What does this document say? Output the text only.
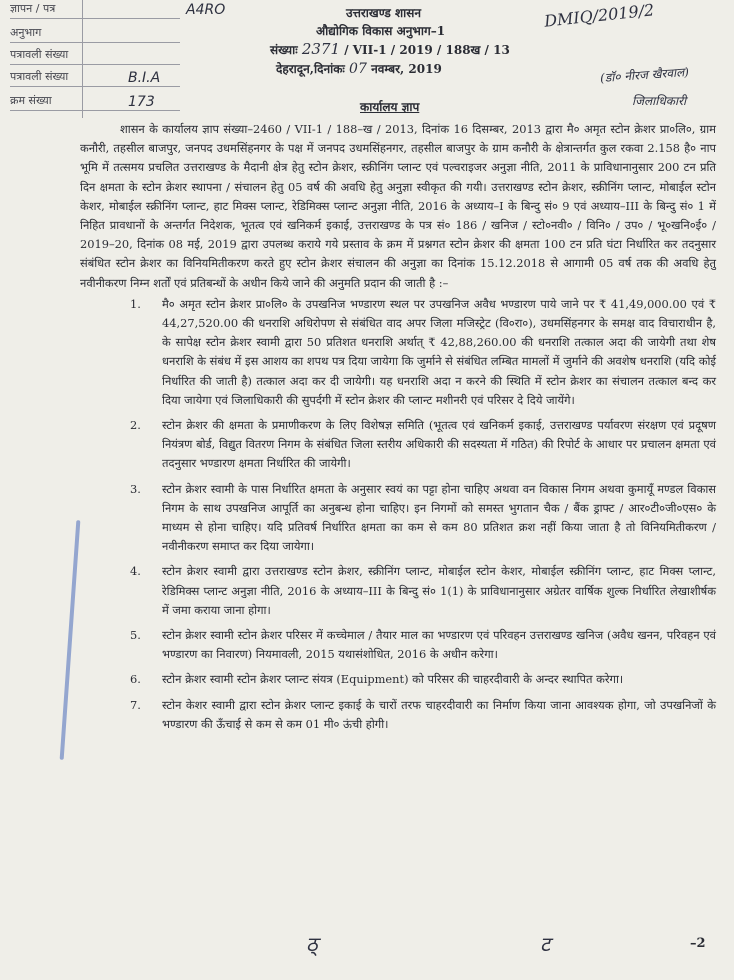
ज्ञापन / पत्र	A4RO
अनुभाग
पत्रावली संख्या
पत्रावली संख्या	B.I.A
क्रम संख्या	173
उत्तराखण्ड शासन
औद्योगिक विकास अनुभाग–1
संख्याः 2371 / VII-1 / 2019 / 188ख / 13
देहरादून,दिनांकः 07 नवम्बर, 2019
कार्यालय ज्ञाप
DMIQ/2019/2
(डॉ० नीरज खैरवाल)
जिलाधिकारी

शासन के कार्यालय ज्ञाप संख्या–2460 / VII-1 / 188–ख / 2013, दिनांक 16 दिसम्बर, 2013 द्वारा मै० अमृत स्टोन क्रेशर प्रा०लि०, ग्राम कनौरी, तहसील बाजपुर, जनपद उधमसिंहनगर के पक्ष में जनपद उधमसिंहनगर, तहसील बाजपुर के ग्राम कनौरी के क्षेत्रान्तर्गत कुल रकवा 2.158 है० नाप भूमि में तत्समय प्रचलित उत्तराखण्ड के मैदानी क्षेत्र हेतु स्टोन क्रेशर, स्क्रीनिंग प्लान्ट एवं पल्वराइजर अनुज्ञा नीति, 2011 के प्राविधानानुसार 200 टन प्रति दिन क्षमता के स्टोन क्रेशर स्थापना / संचालन हेतु 05 वर्ष की अवधि हेतु अनुज्ञा स्वीकृत की गयी। उत्तराखण्ड स्टोन क्रेशर, स्क्रीनिंग प्लान्ट, मोबाईल स्टोन केशर, मोबाईल स्क्रीनिंग प्लान्ट, हाट मिक्स प्लान्ट, रेडिमिक्स प्लान्ट अनुज्ञा नीति, 2016 के अध्याय–I के बिन्दु सं० 9 एवं अध्याय–III के बिन्दु सं० 1 में निहित प्रावधानों के अन्तर्गत निदेशक, भूतत्व एवं खनिकर्म इकाई, उत्तराखण्ड के पत्र सं० 186 / खनिज / स्टो०नवी० / विनि० / उप० / भू०खनि०ई० / 2019–20, दिनांक 08 मई, 2019 द्वारा उपलब्ध कराये गये प्रस्ताव के क्रम में प्रश्नगत स्टोन क्रेशर की क्षमता 100 टन प्रति घंटा निर्धारित कर तदनुसार संबंधित स्टोन क्रेशर का विनियमितीकरण करते हुए स्टोन क्रेशर संचालन की अनुज्ञा का दिनांक 15.12.2018 से आगामी 05 वर्ष तक की अवधि हेतु नवीनीकरण निम्न शर्तों एवं प्रतिबन्धों के अधीन किये जाने की अनुमति प्रदान की जाती है :–

1. मै० अमृत स्टोन क्रेशर प्रा०लि० के उपखनिज भण्डारण स्थल पर उपखनिज अवैध भण्डारण पाये जाने पर ₹ 41,49,000.00 एवं ₹ 44,27,520.00 की धनराशि अधिरोपण से संबंधित वाद अपर जिला मजिस्ट्रेट (वि०रा०), उधमसिंहनगर के समक्ष वाद विचाराधीन है, के सापेक्ष स्टोन क्रेशर स्वामी द्वारा 50 प्रतिशत धनराशि अर्थात् ₹ 42,88,260.00 की धनराशि तत्काल अदा की जायेगी तथा शेष धनराशि के संबंध में इस आशय का शपथ पत्र दिया जायेगा कि जुर्माने से संबंधित लम्बित मामलों में जुर्माने की अवशेष धनराशि (यदि कोई निर्धारित की जाती है) तत्काल अदा कर दी जायेगी। यह धनराशि अदा न करने की स्थिति में स्टोन क्रेशर का संचालन तत्काल बन्द कर दिया जायेगा एवं जिलाधिकारी की सुपर्दगी में स्टोन क्रेशर की प्लान्ट मशीनरी एवं परिसर दे दिये जायेंगे।
2. स्टोन क्रेशर की क्षमता के प्रमाणीकरण के लिए विशेषज्ञ समिति (भूतत्व एवं खनिकर्म इकाई, उत्तराखण्ड पर्यावरण संरक्षण एवं प्रदूषण नियंत्रण बोर्ड, विद्युत वितरण निगम के संबंधित जिला स्तरीय अधिकारी की सदस्यता में गठित) की रिपोर्ट के आधार पर प्रचालन क्षमता एवं तदनुसार भण्डारण क्षमता निर्धारित की जायेगी।
3. स्टोन क्रेशर स्वामी के पास निर्धारित क्षमता के अनुसार स्वयं का पट्टा होना चाहिए अथवा वन विकास निगम अथवा कुमायूँ मण्डल विकास निगम के साथ उपखनिज आपूर्ति का अनुबन्ध होना चाहिए। इन निगमों को समस्त भुगतान चैक / बैंक ड्राफ्ट / आर०टी०जी०एस० के माध्यम से होना चाहिए। यदि प्रतिवर्ष निर्धारित क्षमता का कम से कम 80 प्रतिशत क्रश नहीं किया जाता है तो विनियमितीकरण / नवीनीकरण समाप्त कर दिया जायेगा।
4. स्टोन क्रेशर स्वामी द्वारा उत्तराखण्ड स्टोन क्रेशर, स्क्रीनिंग प्लान्ट, मोबाईल स्टोन केशर, मोबाईल स्क्रीनिंग प्लान्ट, हाट मिक्स प्लान्ट, रेडिमिक्स प्लान्ट अनुज्ञा नीति, 2016 के अध्याय–III के बिन्दु सं० 1(1) के प्राविधानानुसार अग्रेतर वार्षिक शुल्क निर्धारित लेखाशीर्षक में जमा कराया जाना होगा।
5. स्टोन क्रेशर स्वामी स्टोन क्रेशर परिसर में कच्चेमाल / तैयार माल का भण्डारण एवं परिवहन उत्तराखण्ड खनिज (अवैध खनन, परिवहन एवं भण्डारण का निवारण) नियमावली, 2015 यथासंशोधित, 2016 के अधीन करेगा।
6. स्टोन क्रेशर स्वामी स्टोन क्रेशर प्लान्ट संयत्र (Equipment) को परिसर की चाहरदीवारी के अन्दर स्थापित करेगा।
7. स्टोन केशर स्वामी द्वारा स्टोन क्रेशर प्लान्ट इकाई के चारों तरफ चाहरदीवारी का निर्माण किया जाना आवश्यक होगा, जो उपखनिजों के भण्डारण की ऊँचाई से कम से कम 01 मी० ऊंची होगी।
ठ्	ट	–2
